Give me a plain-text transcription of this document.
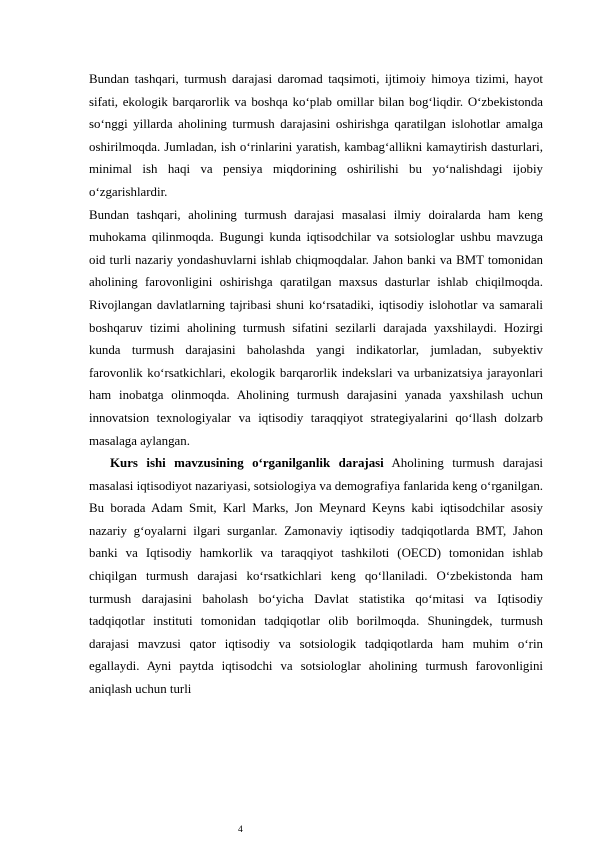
Bundan tashqari, turmush darajasi daromad taqsimoti, ijtimoiy himoya tizimi, hayot sifati, ekologik barqarorlik va boshqa ko‘plab omillar bilan bog‘liqdir. O‘zbekistonda so‘nggi yillarda aholining turmush darajasini oshirishga qaratilgan islohotlar amalga oshirilmoqda. Jumladan, ish o‘rinlarini yaratish, kambag‘allikni kamaytirish dasturlari, minimal ish haqi va pensiya miqdorining oshirilishi bu yo‘nalishdagi ijobiy o‘zgarishlardir.

Bundan tashqari, aholining turmush darajasi masalasi ilmiy doiralarda ham keng muhokama qilinmoqda. Bugungi kunda iqtisodchilar va sotsiologlar ushbu mavzuga oid turli nazariy yondashuvlarni ishlab chiqmoqdalar. Jahon banki va BMT tomonidan aholining farovonligini oshirishga qaratilgan maxsus dasturlar ishlab chiqilmoqda. Rivojlangan davlatlarning tajribasi shuni ko‘rsatadiki, iqtisodiy islohotlar va samarali boshqaruv tizimi aholining turmush sifatini sezilarli darajada yaxshilaydi. Hozirgi kunda turmush darajasini baholashda yangi indikatorlar, jumladan, subyektiv farovonlik ko‘rsatkichlari, ekologik barqarorlik indekslari va urbanizatsiya jarayonlari ham inobatga olinmoqda. Aholining turmush darajasini yanada yaxshilash uchun innovatsion texnologiyalar va iqtisodiy taraqqiyot strategiyalarini qo‘llash dolzarb masalaga aylangan.

Kurs ishi mavzusining o‘rganilganlik darajasi Aholining turmush darajasi masalasi iqtisodiyot nazariyasi, sotsiologiya va demografiya fanlarida keng o‘rganilgan. Bu borada Adam Smit, Karl Marks, Jon Meynard Keyns kabi iqtisodchilar asosiy nazariy g‘oyalarni ilgari surganlar. Zamonaviy iqtisodiy tadqiqotlarda BMT, Jahon banki va Iqtisodiy hamkorlik va taraqqiyot tashkiloti (OECD) tomonidan ishlab chiqilgan turmush darajasi ko‘rsatkichlari keng qo‘llaniladi. O‘zbekistonda ham turmush darajasini baholash bo‘yicha Davlat statistika qo‘mitasi va Iqtisodiy tadqiqotlar instituti tomonidan tadqiqotlar olib borilmoqda. Shuningdek, turmush darajasi mavzusi qator iqtisodiy va sotsiologik tadqiqotlarda ham muhim o‘rin egallaydi. Ayni paytda iqtisodchi va sotsiologlar aholining turmush farovonligini aniqlash uchun turli

4
